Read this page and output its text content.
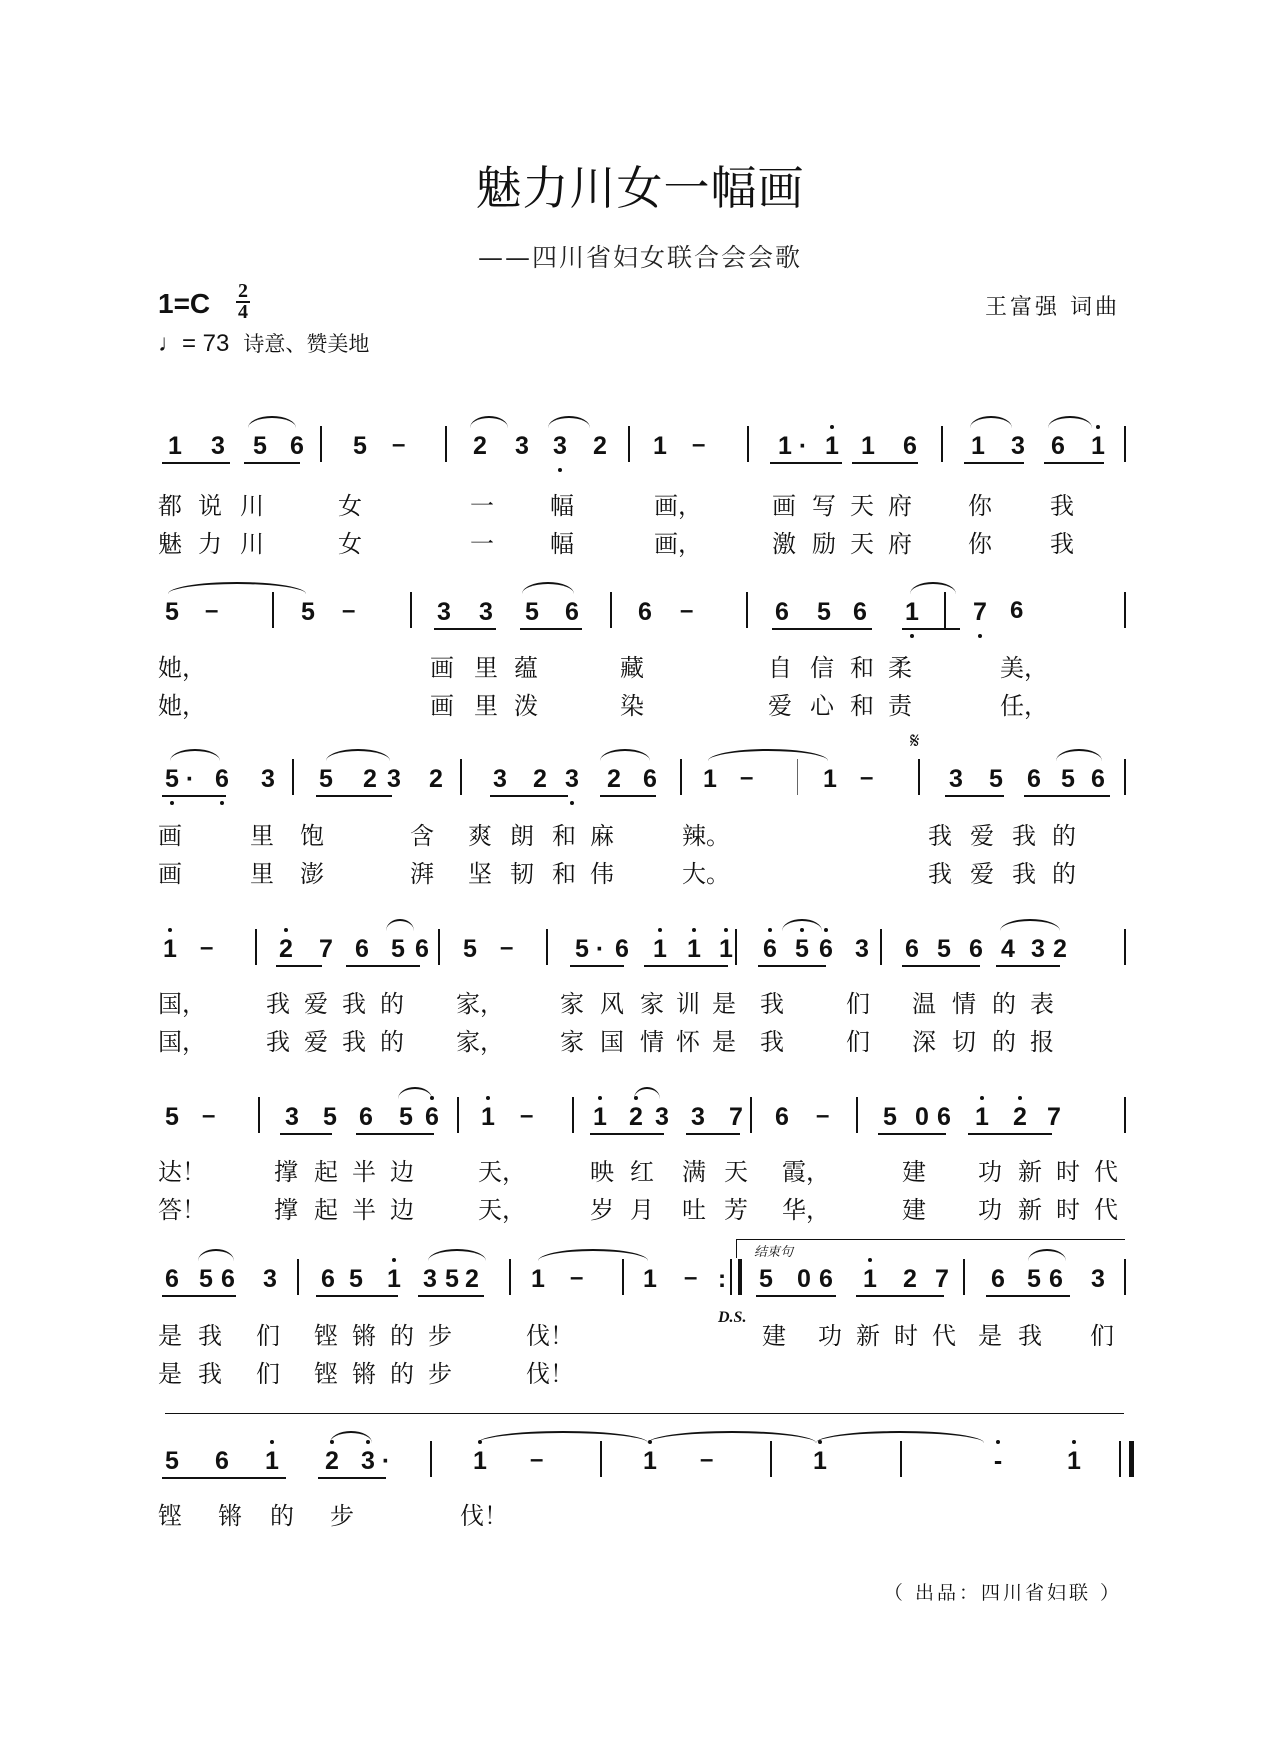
魅力川女一幅画
——四川省妇女联合会会歌
1=C 2
4
♩= 73 诗意、赞美地
王富强 词曲
1 3 5 6 5 –	2 3 3 2 1 –	1 · 1 1 6 1 3 6 1
都 说 川	女	一 幅	画，	画 写 天 府 你 我
魅 力 川	女	一 幅	画，	激 励 天 府 你 我
5 –	5 –	3 3 5 6 6 –	6 5 6 1 7 6
她，	画 里 蕴	藏	自 信 和 柔	美，
她，	画 里 泼	染	爱 心 和 责	任，
5 · 6 3 5 2 3 2 3 2 3 2 6 1 –	1 –	3 5 6 5 6
𝄋
画	里 饱	含 爽 朗 和 麻	辣。	我 爱 我 的
画	里 澎	湃 坚 韧 和 伟	大。	我 爱 我 的
1 –	2 7 6 5 6 5 – 5 · 6 1 1 1 6 5 6 3 6 5 6 4 3 2
国，	我 爱 我 的 家， 家 风 家 训 是 我	们 温 情 的 表
国，	我 爱 我 的 家， 家 国 情 怀 是 我	们 深 切 的 报
5 –	3 5 6 5 6 1 – 1 2 3 3 7 6 – 5 0 6 1 2 7
达！	撑 起 半 边	天，	映 红 满 天 霞，	建 功 新 时 代
答！	撑 起 半 边	天，	岁 月 吐 芳 华，	建 功 新 时 代
6 5 6 3 6 5 1 3 5 2 1 – 1 – : 5 0 6 1 2 7 6 5 6 3
结束句
D.S.
是 我 们 铿 锵 的 步	伐！	建 功 新 时 代 是 我 们
是 我 们 铿 锵 的 步	伐！
5 6 1 2 3 ·	1 –	1 –	1	-	1
铿 锵 的 步	伐！
（ 出品：四川省妇联 ）
